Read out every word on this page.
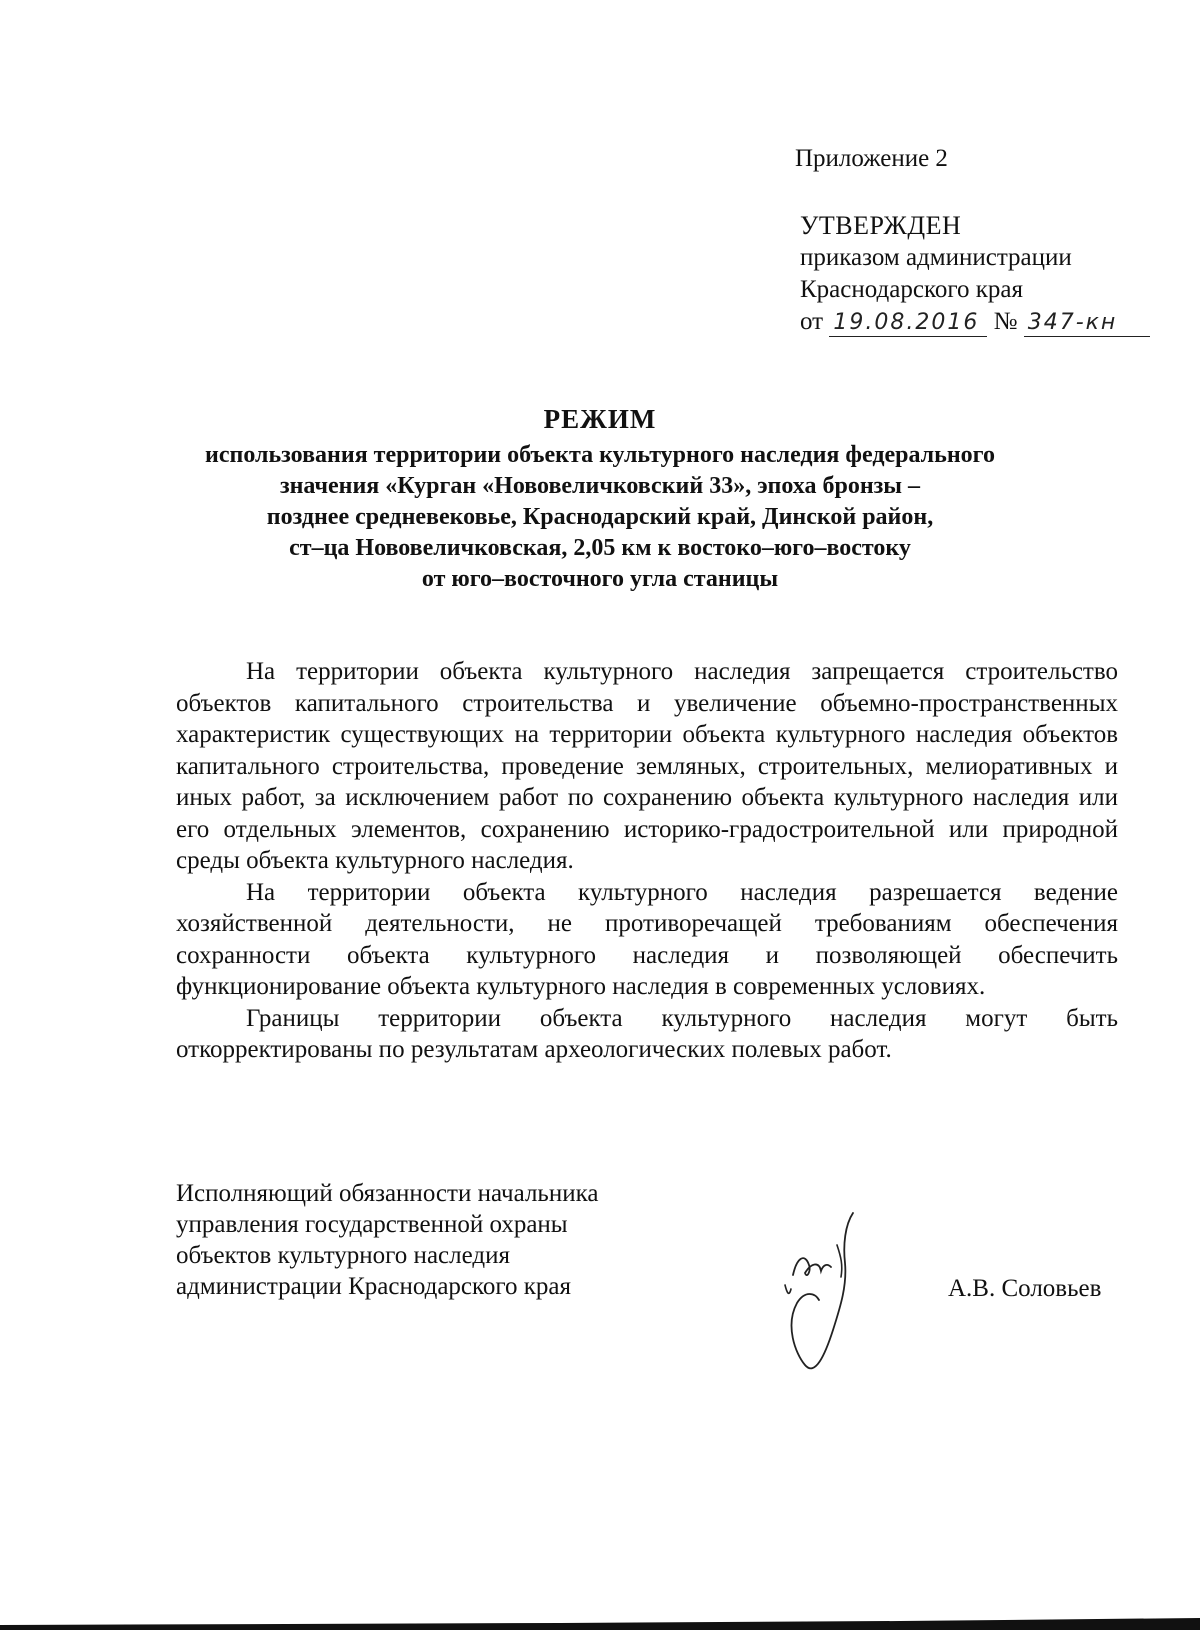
Приложение 2
УТВЕРЖДЕН
приказом администрации
Краснодарского края
от 19.08.2016 № 347-кн
РЕЖИМ
использования территории объекта культурного наследия федерального
значения «Курган «Нововеличковский 33», эпоха бронзы –
позднее средневековье, Краснодарский край, Динской район,
ст–ца Нововеличковская, 2,05 км к востоко–юго–востоку
от юго–восточного угла станицы

На территории объекта культурного наследия запрещается строительство объектов капитального строительства и увеличение объемно-пространственных характеристик существующих на территории объекта культурного наследия объектов капитального строительства, проведение земляных, строительных, мелиоративных и иных работ, за исключением работ по сохранению объекта культурного наследия или его отдельных элементов, сохранению историко-градостроительной или природной среды объекта культурного наследия.

На территории объекта культурного наследия разрешается ведение хозяйственной деятельности, не противоречащей требованиям обеспечения сохранности объекта культурного наследия и позволяющей обеспечить функционирование объекта культурного наследия в современных условиях.

Границы территории объекта культурного наследия могут быть откорректированы по результатам археологических полевых работ.

Исполняющий обязанности начальника
управления государственной охраны
объектов культурного наследия
администрации Краснодарского края	А.В. Соловьев
